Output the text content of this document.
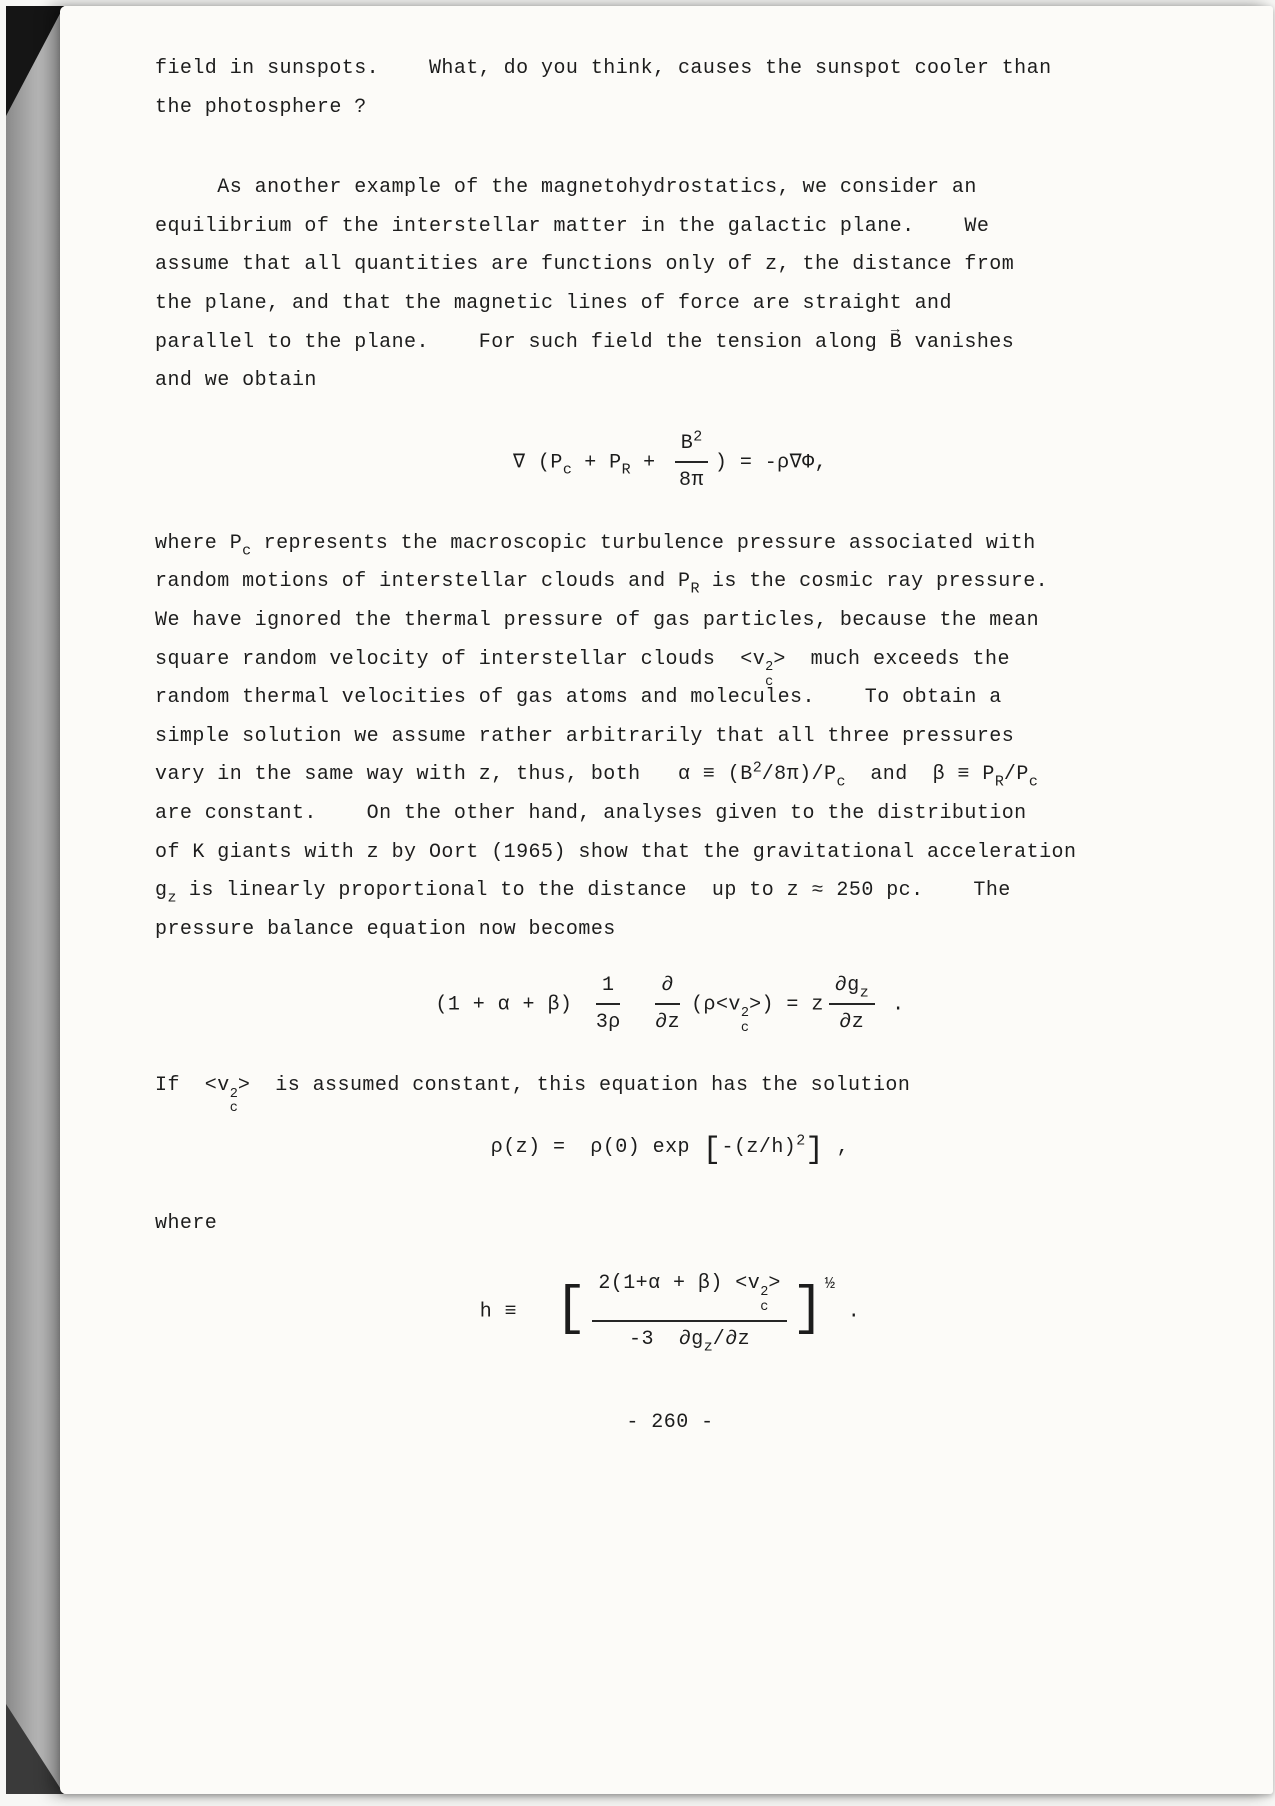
field in sunspots.    What, do you think, causes the sunspot cooler than
the photosphere ?
As another example of the magnetohydrostatics, we consider an
equilibrium of the interstellar matter in the galactic plane.    We
assume that all quantities are functions only of z, the distance from
the plane, and that the magnetic lines of force are straight and
parallel to the plane.    For such field the tension along B → vanishes
and we obtain
∇ ($P_c + P_R + \frac{B^2}{8\pi}$ ) = -ρ∇Φ,
where $P_c$ represents the macroscopic turbulence pressure associated with
random motions of interstellar clouds and $P_R$ is the cosmic ray pressure.
We have ignored the thermal pressure of gas particles, because the mean
square random velocity of interstellar clouds  <v 2
c
>  much exceeds the
random thermal velocities of gas atoms and molecules.    To obtain a
simple solution we assume rather arbitrarily that all three pressures
vary in the same way with z, thus, both   $\alpha \equiv (B^2/8\pi)/P_c$  and  $\beta \equiv P_R/P_c$
are constant.    On the other hand, analyses given to the distribution
of K giants with z by Oort (1965) show that the gravitational acceleration
$g_z$ is linearly proportional to the distance  up to z ≈ 250 pc.    The
pressure balance equation now becomes
$(1 + \alpha + \beta) \frac{1}{3\rho}$
$\frac{\partial}{\partial z} (\rho<v$ 2
c
>) = z $\frac{\partial g_z}{\partial z}$ .
If  <v 2
c
>  is assumed constant, this equation has the solution
ρ(z) =  ρ(0) $\exp [-(z/h)^2]$ ,
where
h ≡   [ 2(1+α + β) <v 2
c
>
-3  $\partial g_z/\partial z$ ]$^{\frac{1}{2}}$ .
- 260 -
